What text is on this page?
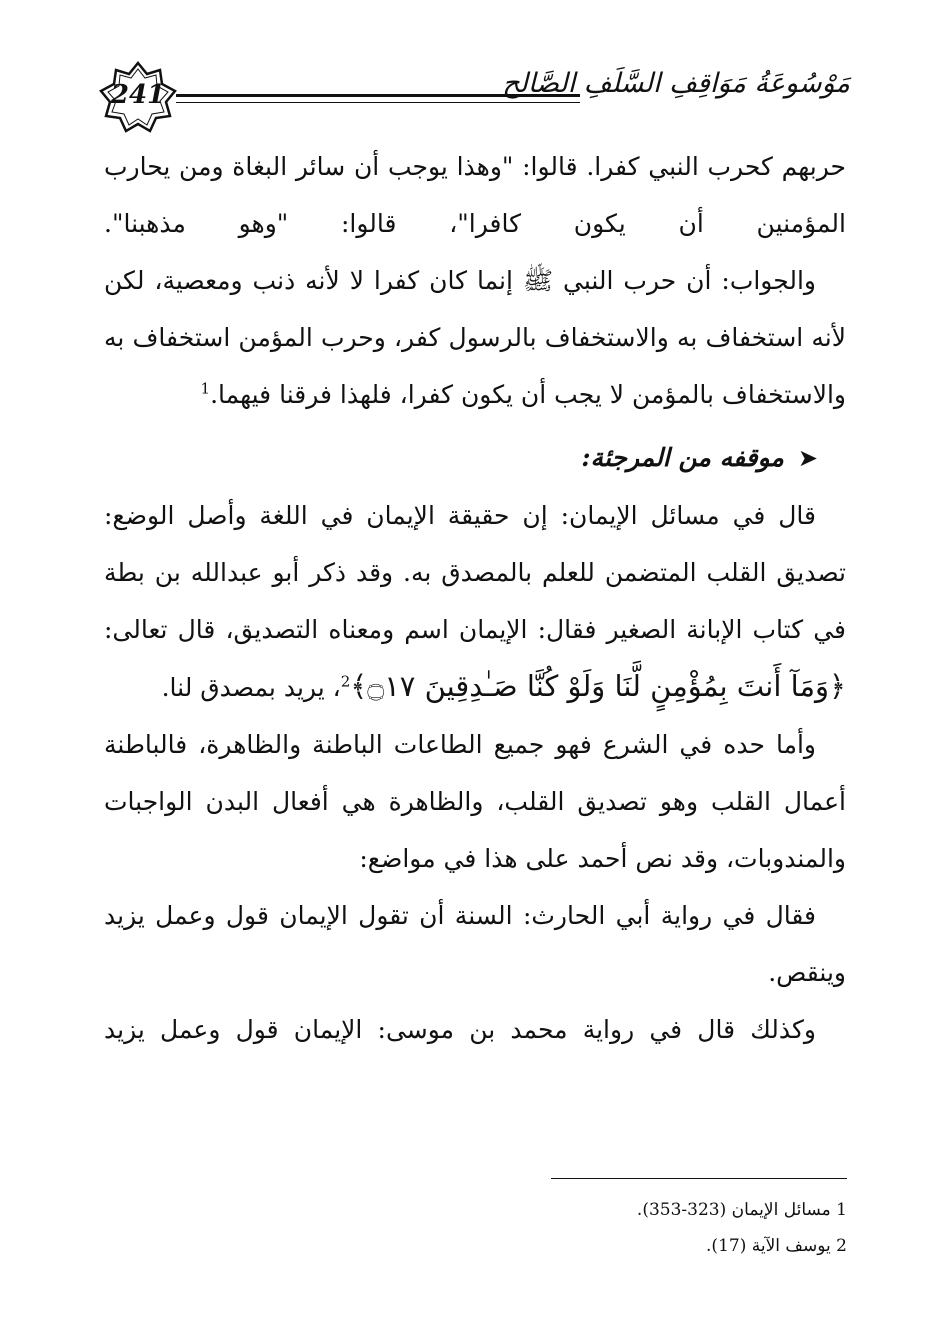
241	مَوْسُوعَةُ مَوَاقِفِ السَّلَفِ الصَّالِح

حربهم كحرب النبي كفرا. قالوا: "وهذا يوجب أن سائر البغاة ومن يحارب المؤمنين أن يكون كافرا"، قالوا: "وهو مذهبنا".

والجواب: أن حرب النبي ﷺ إنما كان كفرا لا لأنه ذنب ومعصية، لكن لأنه استخفاف به والاستخفاف بالرسول كفر، وحرب المؤمن استخفاف به والاستخفاف بالمؤمن لا يجب أن يكون كفرا، فلهذا فرقنا فيهما.$^1$

➤موقفه من المرجئة:

قال في مسائل الإيمان: إن حقيقة الإيمان في اللغة وأصل الوضع: تصديق القلب المتضمن للعلم بالمصدق به. وقد ذكر أبو عبدالله بن بطة في كتاب الإبانة الصغير فقال: الإيمان اسم ومعناه التصديق، قال تعالى: ﴿وَمَآ أَنتَ بِمُؤْمِنٍ لَّنَا وَلَوْ كُنَّا صَـٰدِقِينَ ۝١٧﴾$^2$، يريد بمصدق لنا.

وأما حده في الشرع فهو جميع الطاعات الباطنة والظاهرة، فالباطنة أعمال القلب وهو تصديق القلب، والظاهرة هي أفعال البدن الواجبات والمندوبات، وقد نص أحمد على هذا في مواضع:

فقال في رواية أبي الحارث: السنة أن تقول الإيمان قول وعمل يزيد وينقص.

وكذلك قال في رواية محمد بن موسى: الإيمان قول وعمل يزيد

1 مسائل الإيمان (323-353).

2 يوسف الآية (17).
